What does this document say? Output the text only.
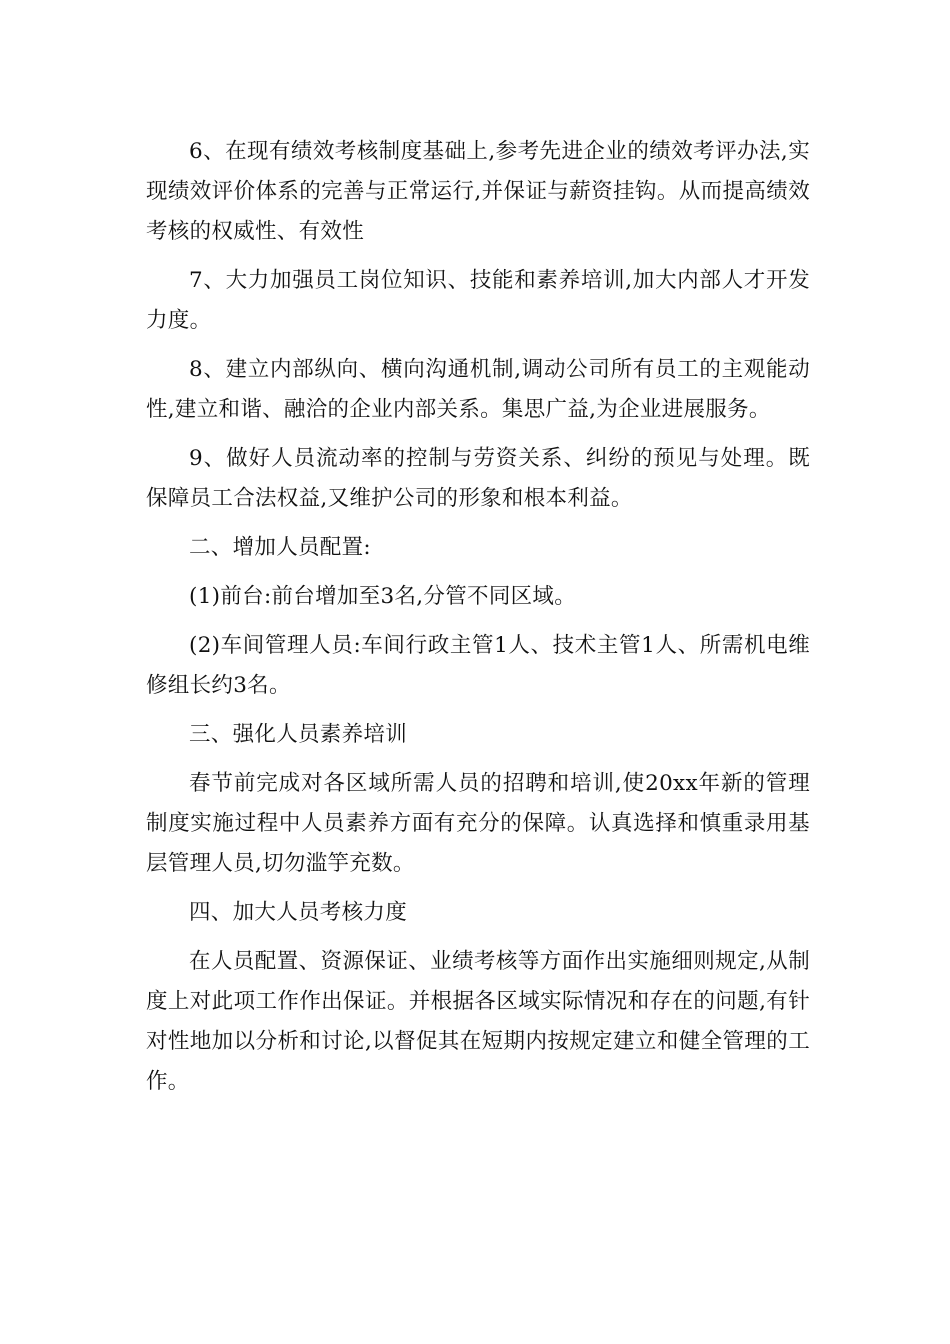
6、在现有绩效考核制度基础上,参考先进企业的绩效考评办法,实现绩效评价体系的完善与正常运行,并保证与薪资挂钩。从而提高绩效考核的权威性、有效性

7、大力加强员工岗位知识、技能和素养培训,加大内部人才开发力度。

8、建立内部纵向、横向沟通机制,调动公司所有员工的主观能动性,建立和谐、融洽的企业内部关系。集思广益,为企业进展服务。

9、做好人员流动率的控制与劳资关系、纠纷的预见与处理。既保障员工合法权益,又维护公司的形象和根本利益。

二、增加人员配置:

(1)前台:前台增加至3名,分管不同区域。

(2)车间管理人员:车间行政主管1人、技术主管1人、所需机电维修组长约3名。

三、强化人员素养培训

春节前完成对各区域所需人员的招聘和培训,使20xx年新的管理制度实施过程中人员素养方面有充分的保障。认真选择和慎重录用基层管理人员,切勿滥竽充数。

四、加大人员考核力度

在人员配置、资源保证、业绩考核等方面作出实施细则规定,从制度上对此项工作作出保证。并根据各区域实际情况和存在的问题,有针对性地加以分析和讨论,以督促其在短期内按规定建立和健全管理的工作。
